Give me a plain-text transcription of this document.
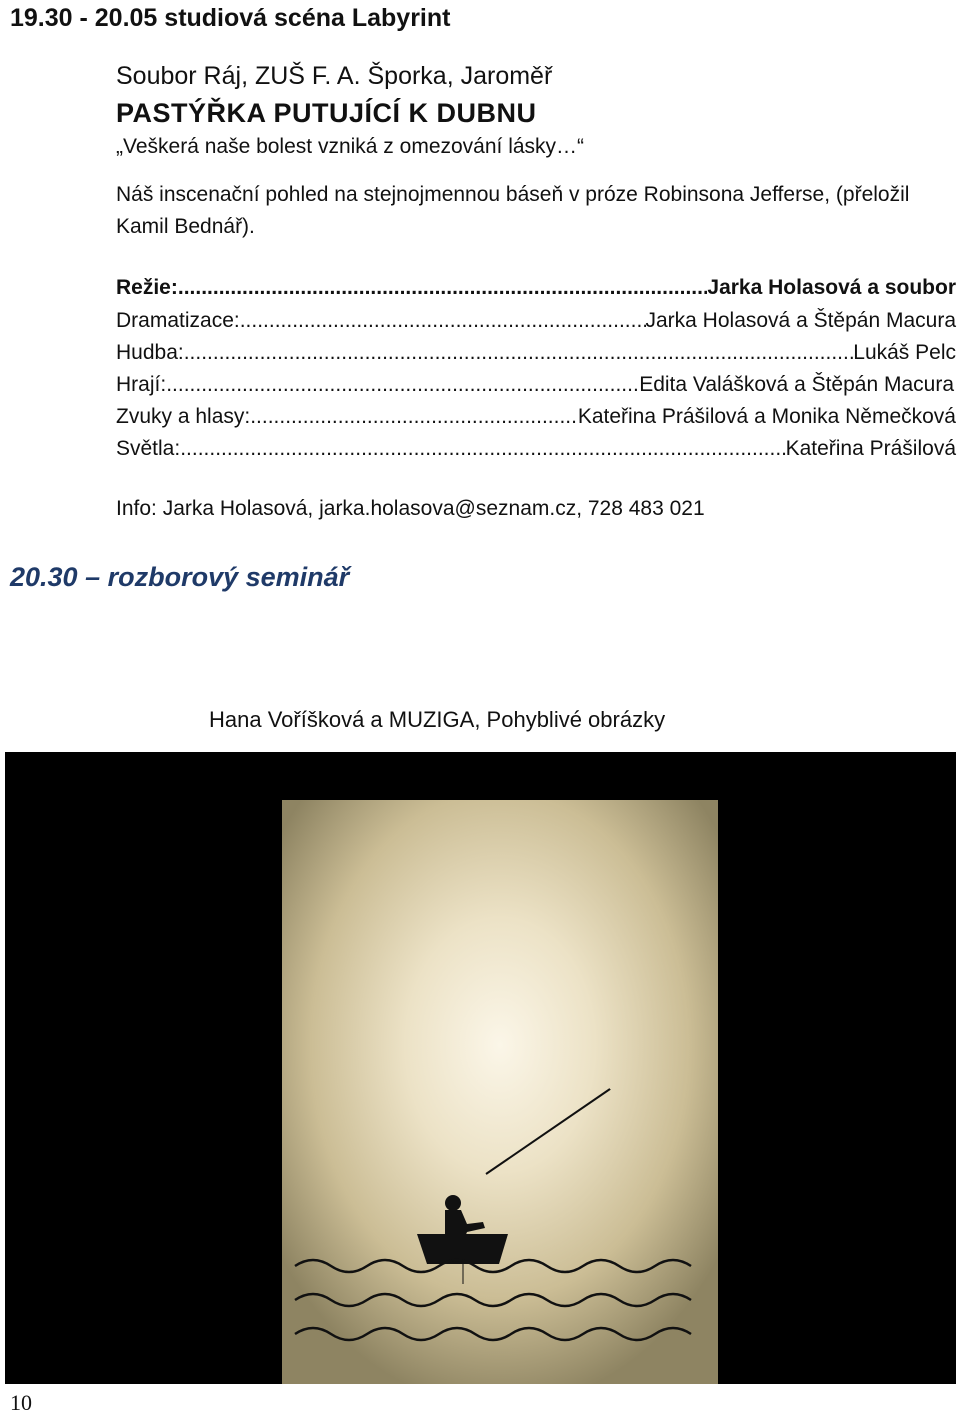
19.30 - 20.05 studiová scéna Labyrint
Soubor Ráj, ZUŠ F. A. Šporka, Jaroměř
PASTÝŘKA PUTUJÍCÍ K DUBNU
„Veškerá naše bolest vzniká z omezování lásky…“
Náš inscenační pohled na stejnojmennou báseň v próze Robinsona Jefferse, (přeložil Kamil Bednář).
Režie: .....	Jarka Holasová a soubor
Dramatizace: .....	Jarka Holasová a Štěpán Macura
Hudba: .....	Lukáš Pelc
Hrají: .....	Edita Valášková a Štěpán Macura
Zvuky a hlasy: .....	Kateřina Prášilová a Monika Němečková
Světla: .....	Kateřina Prášilová
Info: Jarka Holasová, jarka.holasova@seznam.cz, 728 483 021
20.30 – rozborový seminář
Hana Voříšková a MUZIGA, Pohyblivé obrázky
10
